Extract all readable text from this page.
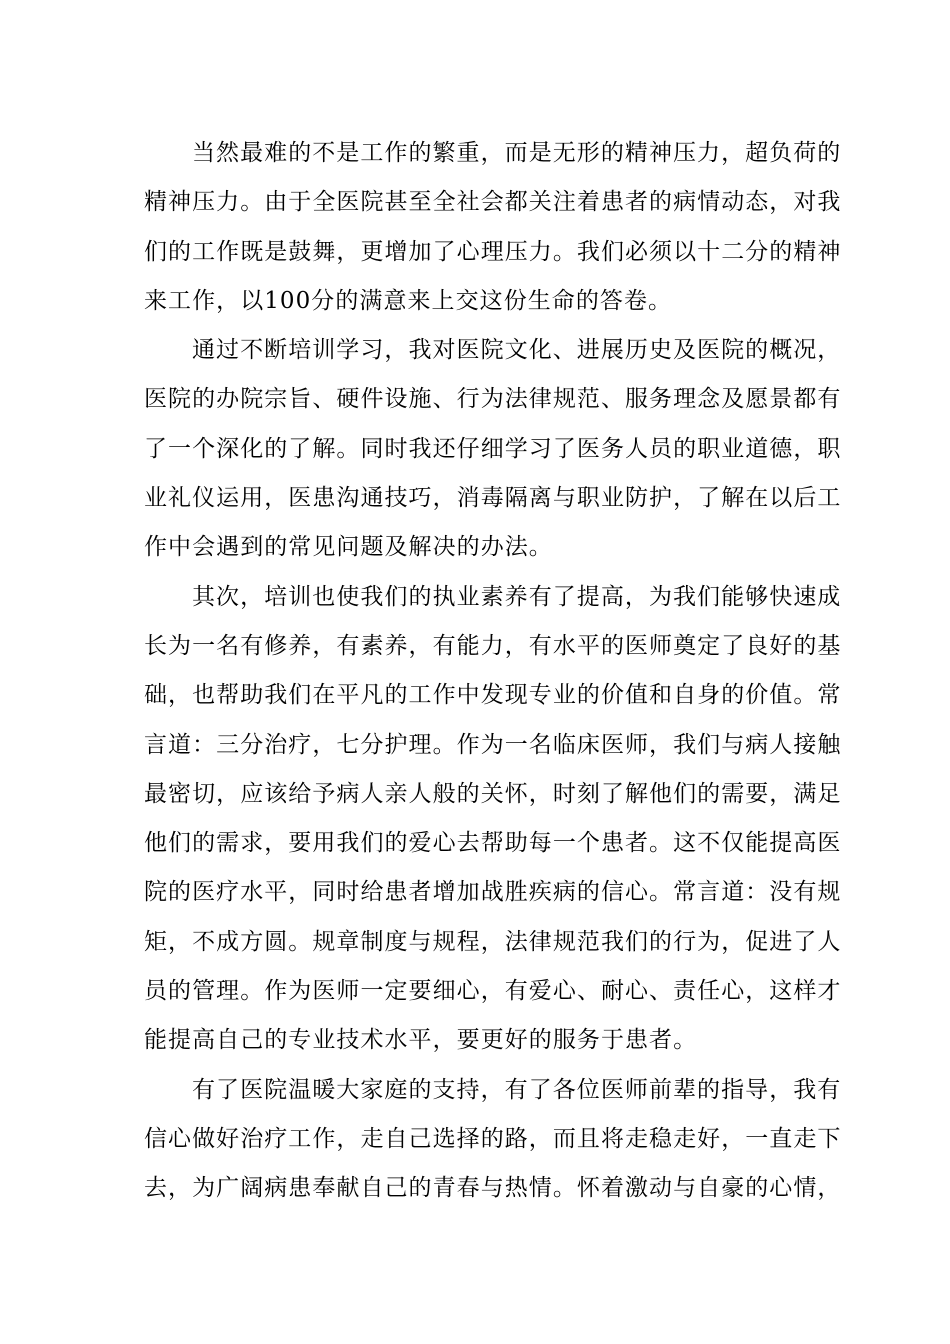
当然最难的不是工作的繁重，而是无形的精神压力，超负荷的
精神压力。由于全医院甚至全社会都关注着患者的病情动态，对我
们的工作既是鼓舞，更增加了心理压力。我们必须以十二分的精神
来工作，以100分的满意来上交这份生命的答卷。
通过不断培训学习，我对医院文化、进展历史及医院的概况，
医院的办院宗旨、硬件设施、行为法律规范、服务理念及愿景都有
了一个深化的了解。同时我还仔细学习了医务人员的职业道德，职
业礼仪运用，医患沟通技巧，消毒隔离与职业防护，了解在以后工
作中会遇到的常见问题及解决的办法。
其次，培训也使我们的执业素养有了提高，为我们能够快速成
长为一名有修养，有素养，有能力，有水平的医师奠定了良好的基
础，也帮助我们在平凡的工作中发现专业的价值和自身的价值。常
言道：三分治疗，七分护理。作为一名临床医师，我们与病人接触
最密切，应该给予病人亲人般的关怀，时刻了解他们的需要，满足
他们的需求，要用我们的爱心去帮助每一个患者。这不仅能提高医
院的医疗水平，同时给患者增加战胜疾病的信心。常言道：没有规
矩，不成方圆。规章制度与规程，法律规范我们的行为，促进了人
员的管理。作为医师一定要细心，有爱心、耐心、责任心，这样才
能提高自己的专业技术水平，要更好的服务于患者。
有了医院温暖大家庭的支持，有了各位医师前辈的指导，我有
信心做好治疗工作，走自己选择的路，而且将走稳走好，一直走下
去，为广阔病患奉献自己的青春与热情。怀着激动与自豪的心情，
